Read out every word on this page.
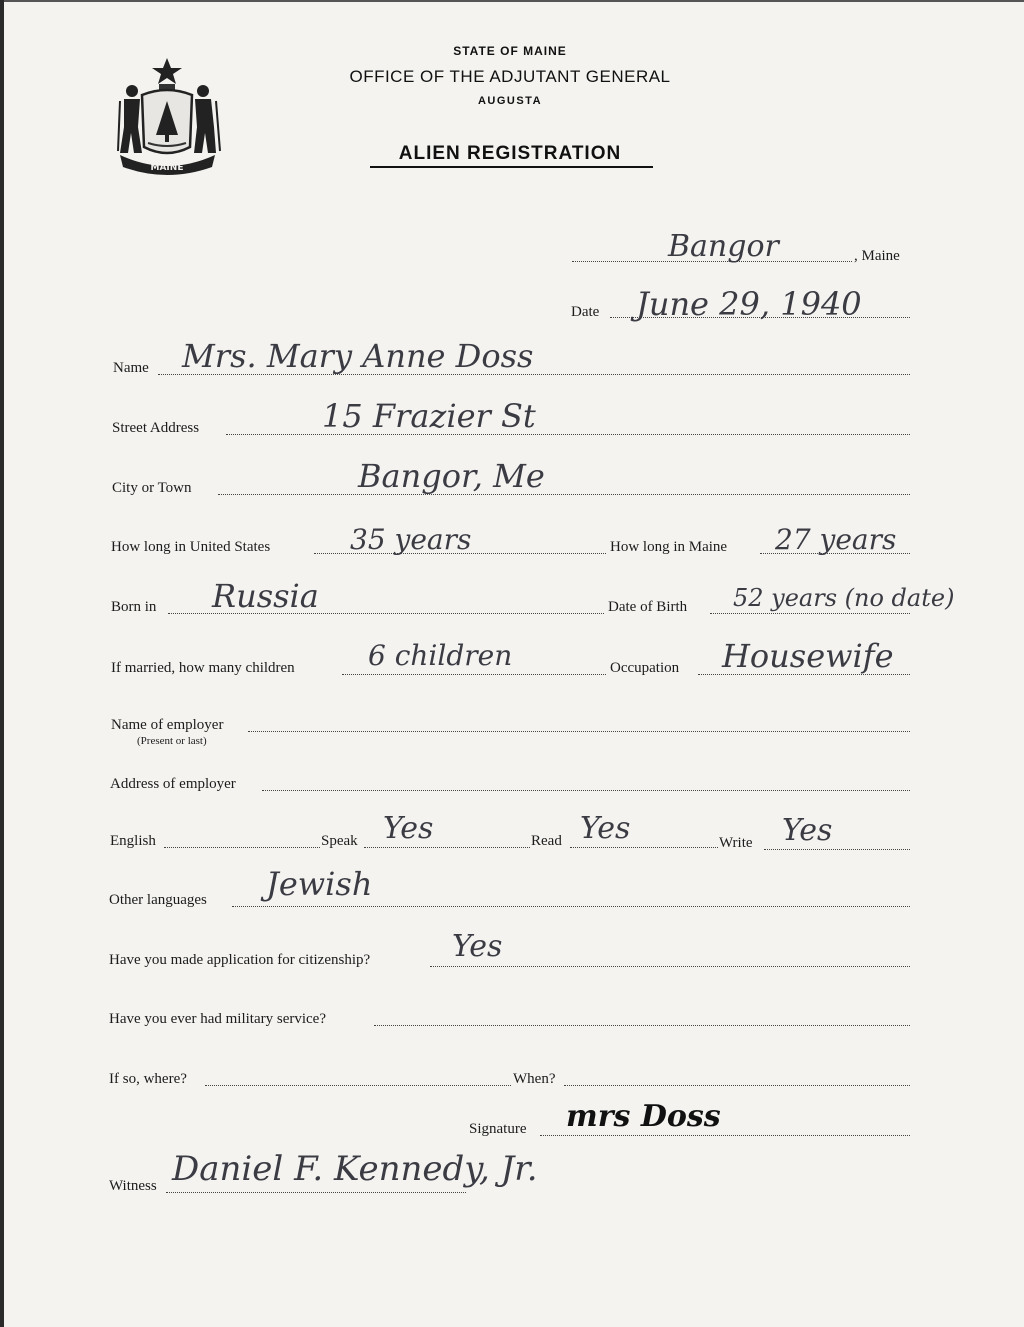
MAINE
STATE OF MAINE
OFFICE OF THE ADJUTANT GENERAL
AUGUSTA
ALIEN REGISTRATION
Bangor	, Maine
Date June 29, 1940
Name Mrs. Mary Anne Doss
Street Address	15 Frazier St
City or Town	Bangor, Me
How long in United States	35 years	How long in Maine 27 years
Born in Russia	Date of Birth 52 years (no date)
If married, how many children	6 children	Occupation Housewife
Name of employer
(Present or last)
Address of employer
English	Speak Yes	Read Yes	Write Yes
Other languages Jewish
Have you made application for citizenship?	Yes
Have you ever had military service?
If so, where?	When?
Signature mrs Doss
Witness Daniel F. Kennedy, Jr.
